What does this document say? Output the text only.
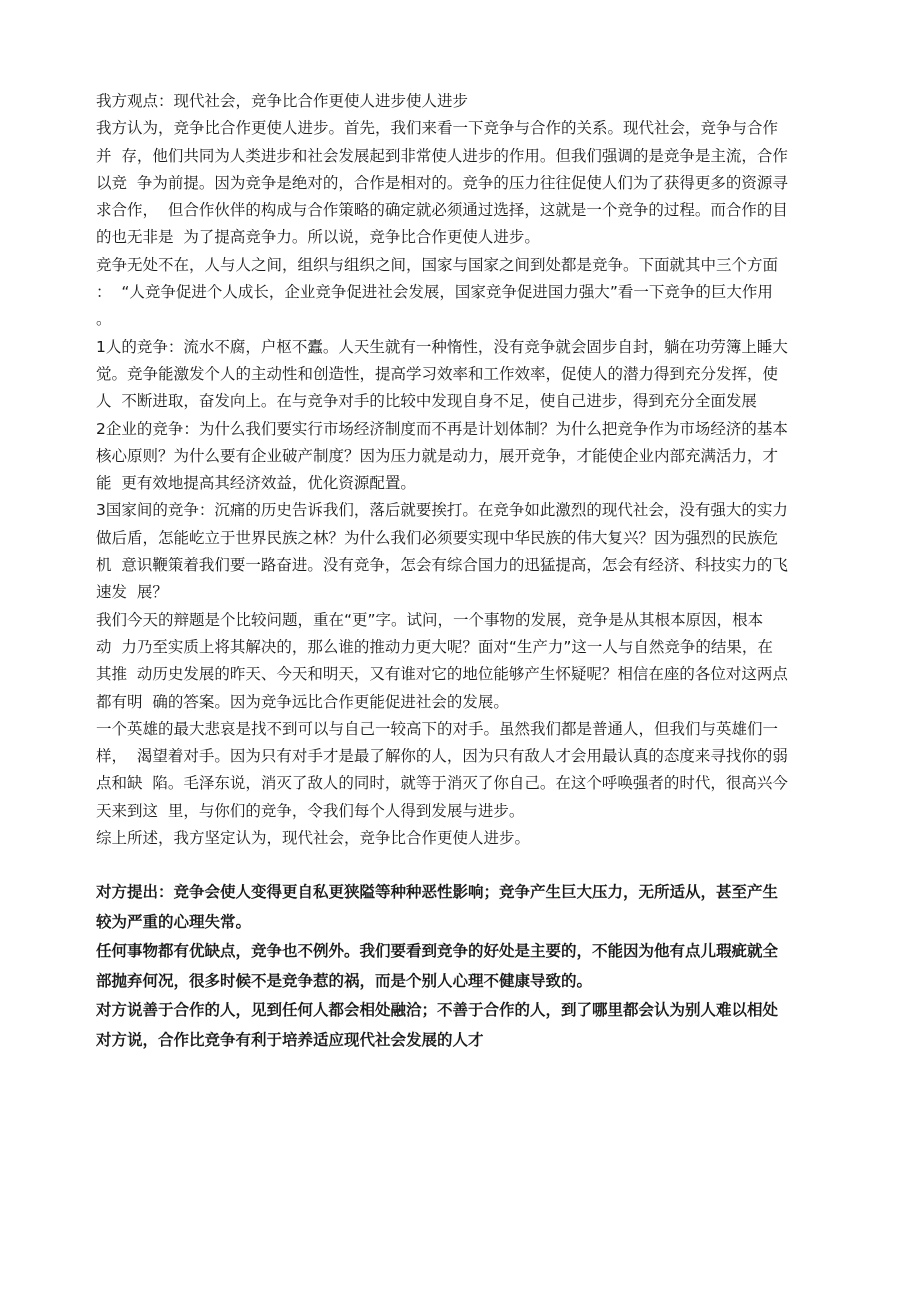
我方观点：现代社会，竞争比合作更使人进步使人进步

我方认为，竞争比合作更使人进步。首先，我们来看一下竞争与合作的关系。现代社会，竞争与合作
并  存，他们共同为人类进步和社会发展起到非常使人进步的作用。但我们强调的是竞争是主流，合作
以竞  争为前提。因为竞争是绝对的，合作是相对的。竞争的压力往往促使人们为了获得更多的资源寻
求合作，  但合作伙伴的构成与合作策略的确定就必须通过选择，这就是一个竞争的过程。而合作的目
的也无非是  为了提高竞争力。所以说，竞争比合作更使人进步。

竞争无处不在，人与人之间，组织与组织之间，国家与国家之间到处都是竞争。下面就其中三个方面
：  “人竞争促进个人成长，企业竞争促进社会发展，国家竞争促进国力强大”看一下竞争的巨大作用
。

1人的竞争：流水不腐，户枢不蠹。人天生就有一种惰性，没有竞争就会固步自封，躺在功劳簿上睡大
觉。竞争能激发个人的主动性和创造性，提高学习效率和工作效率，促使人的潜力得到充分发挥，使
人  不断进取，奋发向上。在与竞争对手的比较中发现自身不足，使自己进步，得到充分全面发展

2企业的竞争：为什么我们要实行市场经济制度而不再是计划体制？为什么把竞争作为市场经济的基本
核心原则？为什么要有企业破产制度？因为压力就是动力，展开竞争，才能使企业内部充满活力，才
能  更有效地提高其经济效益，优化资源配置。

3国家间的竞争：沉痛的历史告诉我们，落后就要挨打。在竞争如此激烈的现代社会，没有强大的实力
做后盾，怎能屹立于世界民族之林？为什么我们必须要实现中华民族的伟大复兴？因为强烈的民族危
机  意识鞭策着我们要一路奋进。没有竞争，怎会有综合国力的迅猛提高，怎会有经济、科技实力的飞
速发  展？

我们今天的辩题是个比较问题，重在“更”字。试问，一个事物的发展，竞争是从其根本原因，根本
动  力乃至实质上将其解决的，那么谁的推动力更大呢？面对“生产力”这一人与自然竞争的结果，在
其推  动历史发展的昨天、今天和明天，又有谁对它的地位能够产生怀疑呢？相信在座的各位对这两点
都有明  确的答案。因为竞争远比合作更能促进社会的发展。

一个英雄的最大悲哀是找不到可以与自己一较高下的对手。虽然我们都是普通人，但我们与英雄们一
样，  渴望着对手。因为只有对手才是最了解你的人，因为只有敌人才会用最认真的态度来寻找你的弱
点和缺  陷。毛泽东说，消灭了敌人的同时，就等于消灭了你自己。在这个呼唤强者的时代，很高兴今
天来到这  里，与你们的竞争，令我们每个人得到发展与进步。

综上所述，我方坚定认为，现代社会，竞争比合作更使人进步。

对方提出：竞争会使人变得更自私更狭隘等种种恶性影响；竞争产生巨大压力，无所适从，甚至产生
较为严重的心理失常。

任何事物都有优缺点，竞争也不例外。我们要看到竞争的好处是主要的，不能因为他有点儿瑕疵就全
部抛弃何况，很多时候不是竞争惹的祸，而是个别人心理不健康导致的。

对方说善于合作的人，见到任何人都会相处融洽；不善于合作的人，到了哪里都会认为别人难以相处
对方说，合作比竞争有利于培养适应现代社会发展的人才
